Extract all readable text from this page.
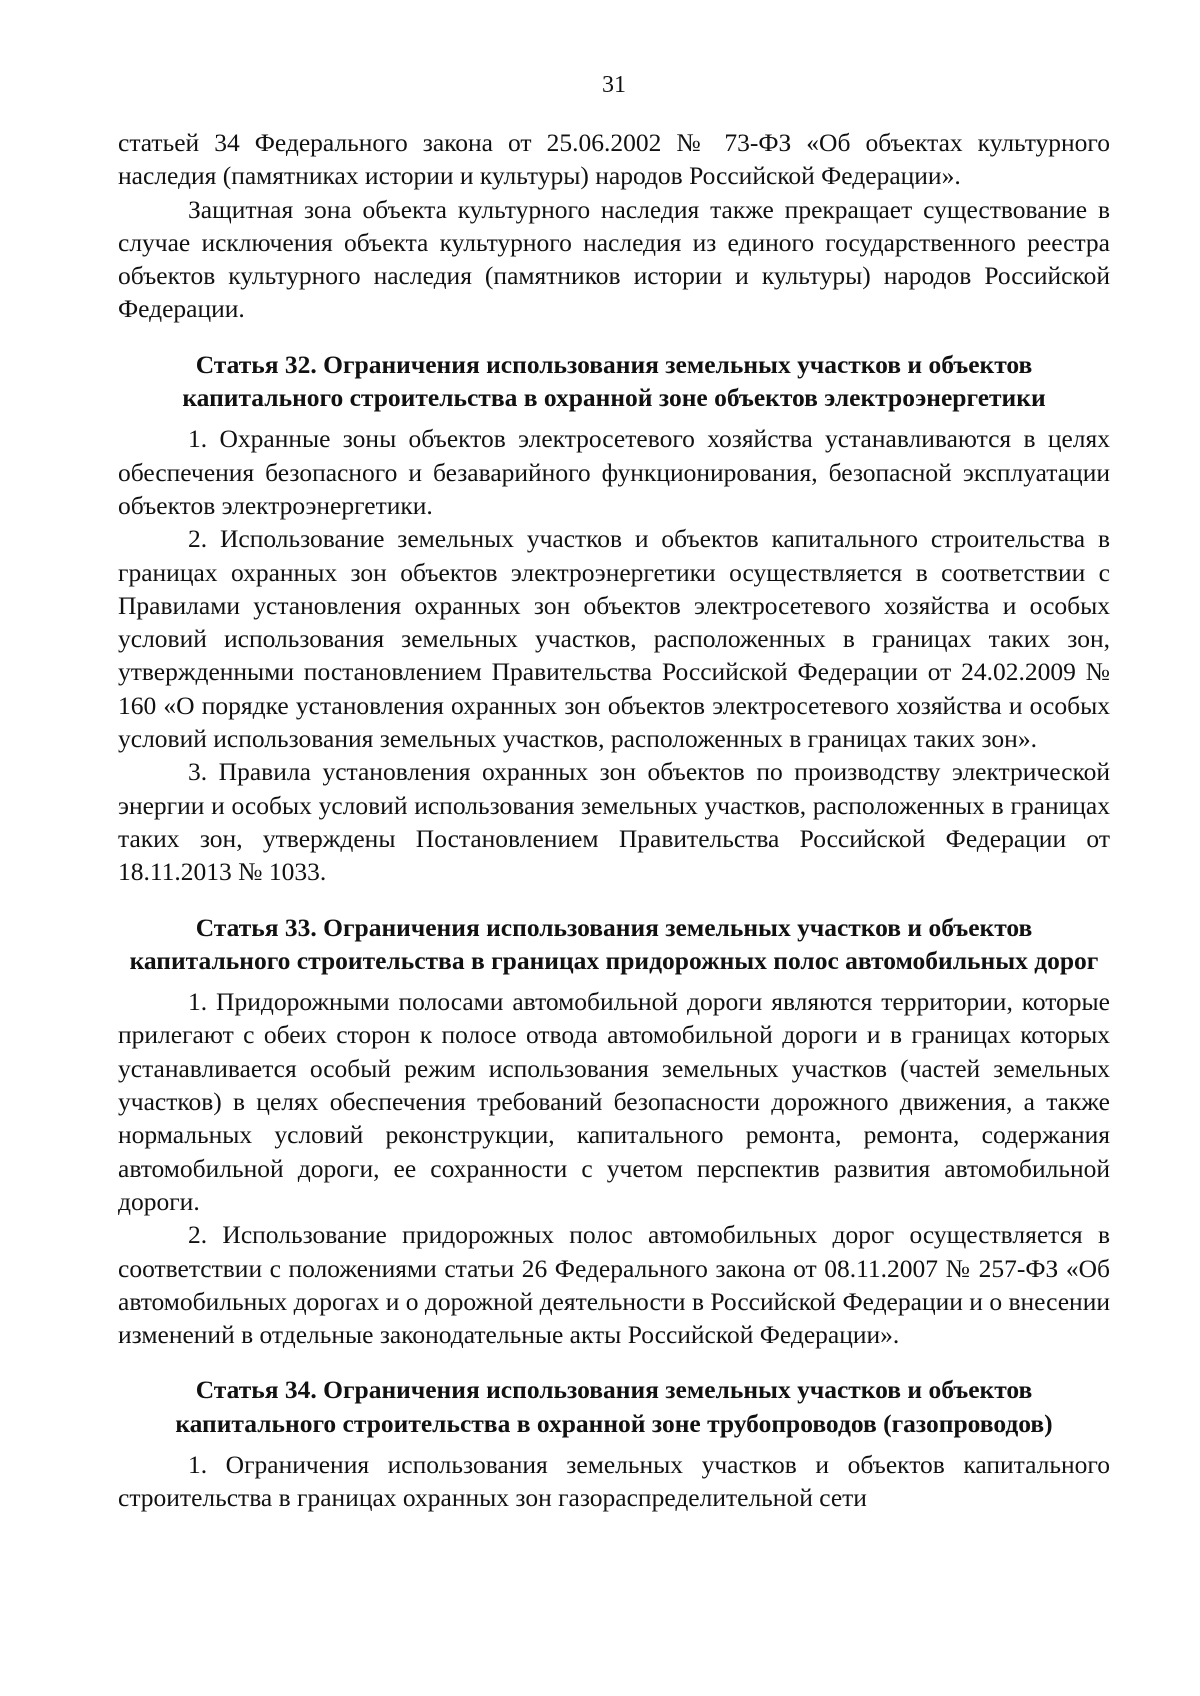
31

статьей 34 Федерального закона от 25.06.2002 № 73-ФЗ «Об объектах культурного наследия (памятниках истории и культуры) народов Российской Федерации».

Защитная зона объекта культурного наследия также прекращает существование в случае исключения объекта культурного наследия из единого государственного реестра объектов культурного наследия (памятников истории и культуры) народов Российской Федерации.

Статья 32. Ограничения использования земельных участков и объектов капитального строительства в охранной зоне объектов электроэнергетики

1. Охранные зоны объектов электросетевого хозяйства устанавливаются в целях обеспечения безопасного и безаварийного функционирования, безопасной эксплуатации объектов электроэнергетики.

2. Использование земельных участков и объектов капитального строительства в границах охранных зон объектов электроэнергетики осуществляется в соответствии с Правилами установления охранных зон объектов электросетевого хозяйства и особых условий использования земельных участков, расположенных в границах таких зон, утвержденными постановлением Правительства Российской Федерации от 24.02.2009 № 160 «О порядке установления охранных зон объектов электросетевого хозяйства и особых условий использования земельных участков, расположенных в границах таких зон».

3. Правила установления охранных зон объектов по производству электрической энергии и особых условий использования земельных участков, расположенных в границах таких зон, утверждены Постановлением Правительства Российской Федерации от 18.11.2013 № 1033.

Статья 33. Ограничения использования земельных участков и объектов капитального строительства в границах придорожных полос автомобильных дорог

1. Придорожными полосами автомобильной дороги являются территории, которые прилегают с обеих сторон к полосе отвода автомобильной дороги и в границах которых устанавливается особый режим использования земельных участков (частей земельных участков) в целях обеспечения требований безопасности дорожного движения, а также нормальных условий реконструкции, капитального ремонта, ремонта, содержания автомобильной дороги, ее сохранности с учетом перспектив развития автомобильной дороги.

2. Использование придорожных полос автомобильных дорог осуществляется в соответствии с положениями статьи 26 Федерального закона от 08.11.2007 № 257-ФЗ «Об автомобильных дорогах и о дорожной деятельности в Российской Федерации и о внесении изменений в отдельные законодательные акты Российской Федерации».

Статья 34. Ограничения использования земельных участков и объектов капитального строительства в охранной зоне трубопроводов (газопроводов)

1. Ограничения использования земельных участков и объектов капитального строительства в границах охранных зон газораспределительной сети
